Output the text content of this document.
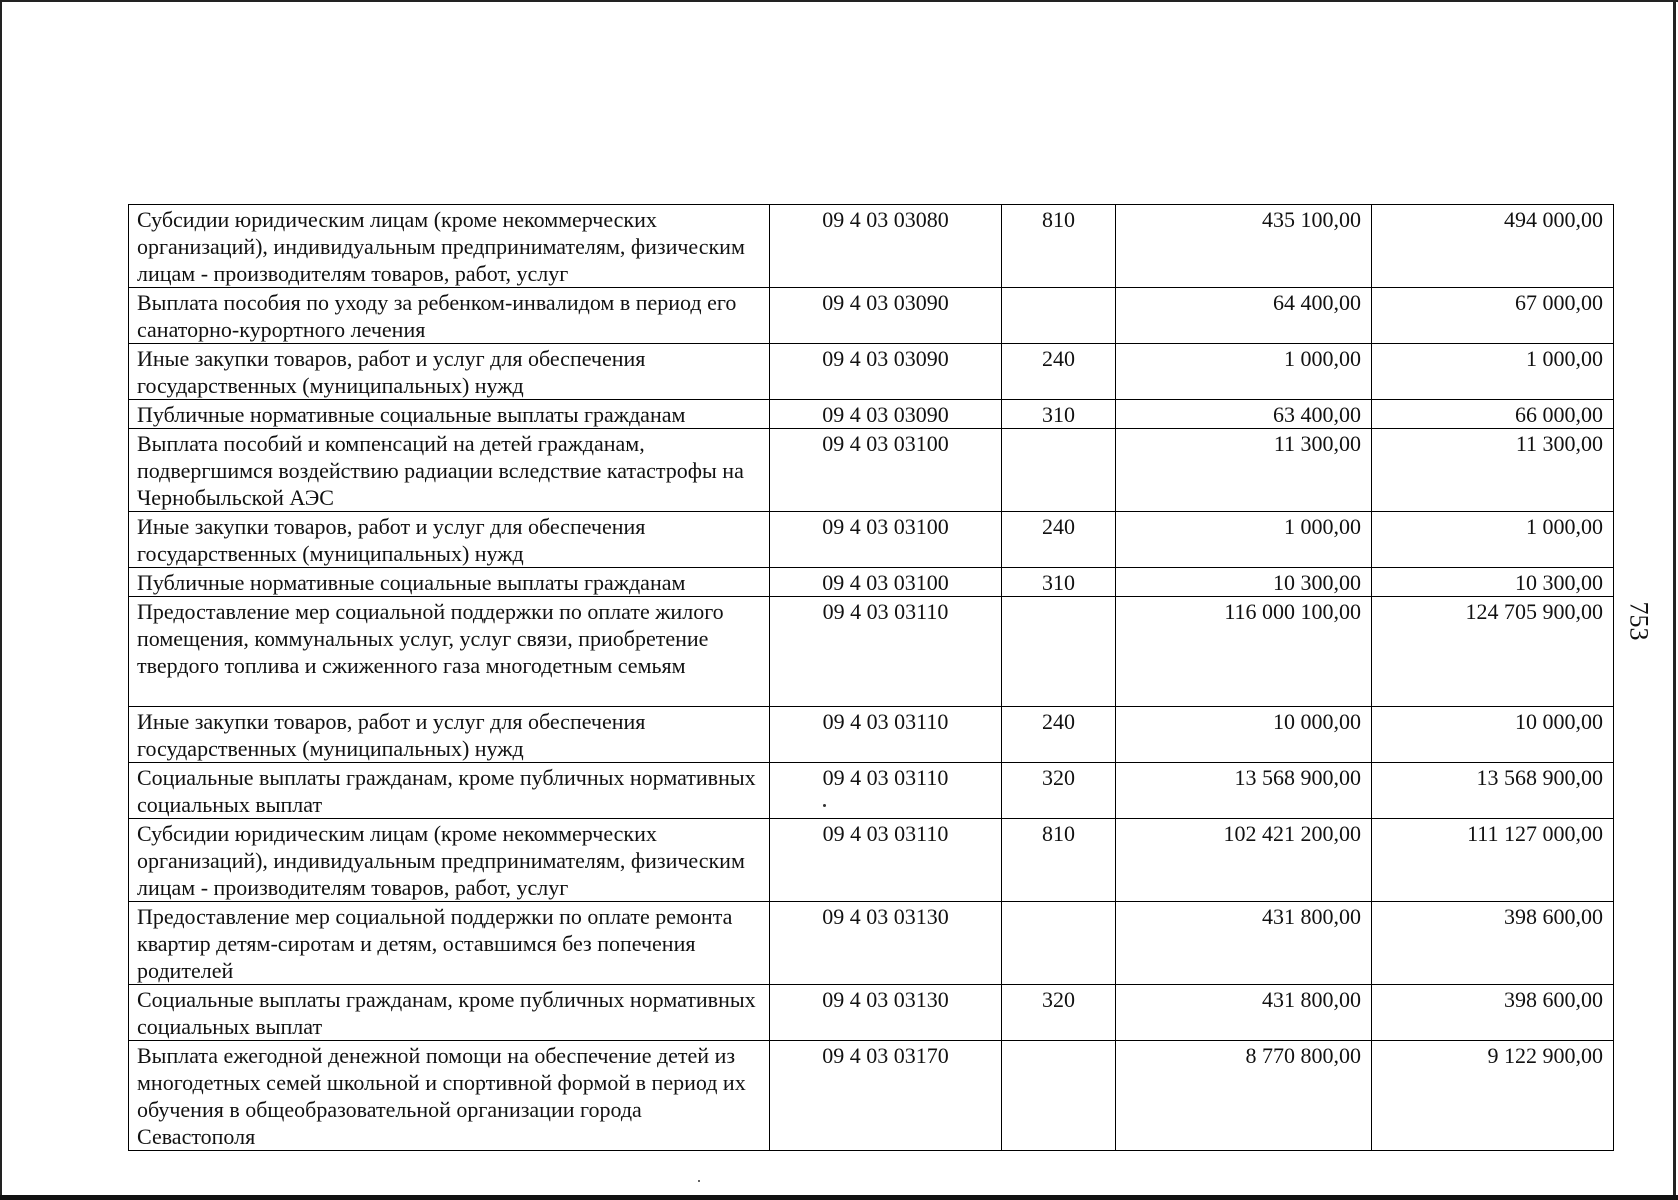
Субсидии юридическим лицам (кроме некоммерческих организаций), индивидуальным предпринимателям, физическим лицам - производителям товаров, работ, услуг	09 4 03 03080	810	435 100,00	494 000,00
Выплата пособия по уходу за ребенком-инвалидом в период его санаторно-курортного лечения	09 4 03 03090		64 400,00	67 000,00
Иные закупки товаров, работ и услуг для обеспечения государственных (муниципальных) нужд	09 4 03 03090	240	1 000,00	1 000,00
Публичные нормативные социальные выплаты гражданам	09 4 03 03090	310	63 400,00	66 000,00
Выплата пособий и компенсаций на детей гражданам, подвергшимся воздействию радиации вследствие катастрофы на Чернобыльской АЭС	09 4 03 03100		11 300,00	11 300,00
Иные закупки товаров, работ и услуг для обеспечения государственных (муниципальных) нужд	09 4 03 03100	240	1 000,00	1 000,00
Публичные нормативные социальные выплаты гражданам	09 4 03 03100	310	10 300,00	10 300,00
Предоставление мер социальной поддержки по оплате жилого помещения, коммунальных услуг, услуг связи, приобретение твердого топлива и сжиженного газа многодетным семьям	09 4 03 03110		116 000 100,00	124 705 900,00
Иные закупки товаров, работ и услуг для обеспечения государственных (муниципальных) нужд	09 4 03 03110	240	10 000,00	10 000,00
Социальные выплаты гражданам, кроме публичных нормативных социальных выплат	09 4 03 03110	320	13 568 900,00	13 568 900,00
Субсидии юридическим лицам (кроме некоммерческих организаций), индивидуальным предпринимателям, физическим лицам - производителям товаров, работ, услуг	09 4 03 03110	810	102 421 200,00	111 127 000,00
Предоставление мер социальной поддержки по оплате ремонта квартир детям-сиротам и детям, оставшимся без попечения родителей	09 4 03 03130		431 800,00	398 600,00
Социальные выплаты гражданам, кроме публичных нормативных социальных выплат	09 4 03 03130	320	431 800,00	398 600,00
Выплата ежегодной денежной помощи на обеспечение детей из многодетных семей школьной и спортивной формой в период их обучения в общеобразовательной организации города Севастополя	09 4 03 03170		8 770 800,00	9 122 900,00
753
